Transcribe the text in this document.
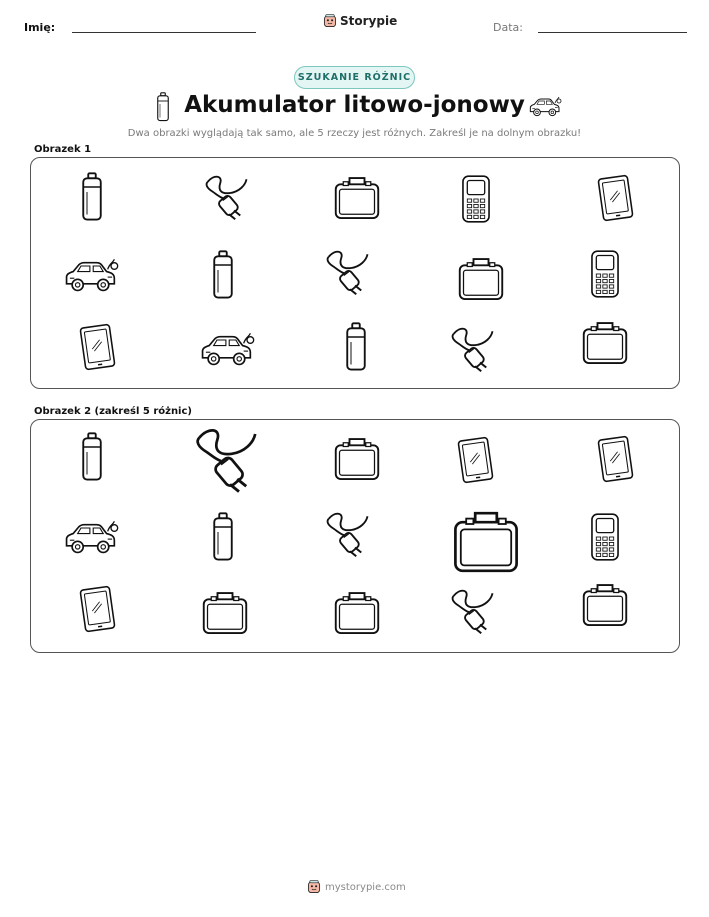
Imię:	Storypie	Data:
SZUKANIE RÓŻNIC
Akumulator litowo-jonowy
Dwa obrazki wyglądają tak samo, ale 5 rzeczy jest różnych. Zakreśl je na dolnym obrazku!
Obrazek 1
Obrazek 2 (zakreśl 5 różnic)
mystorypie.com
